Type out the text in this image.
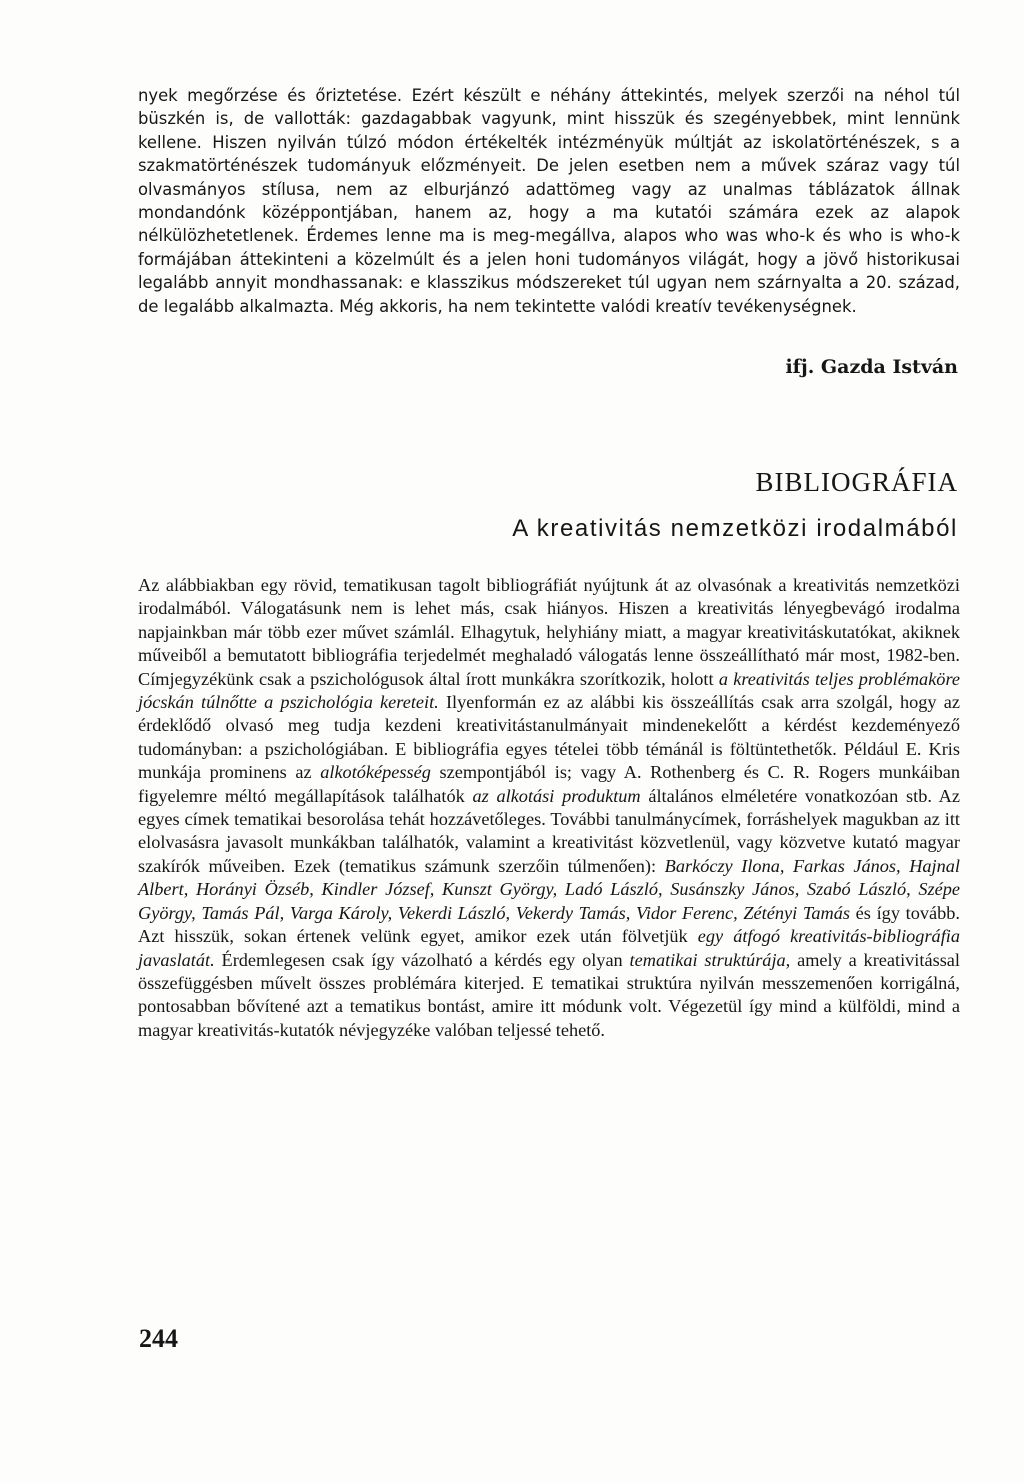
nyek megőrzése és őriztetése. Ezért készült e néhány áttekintés, melyek szerzői na néhol túl büszkén is, de vallották: gazdagabbak vagyunk, mint hisszük és szegényebbek, mint lennünk kellene. Hiszen nyilván túlzó módon értékelték intézményük múltját az iskolatörténészek, s a szakmatörténészek tudományuk előzményeit. De jelen esetben nem a művek száraz vagy túl olvasmányos stílusa, nem az elburjánzó adattömeg vagy az unalmas táblázatok állnak mondandónk középpontjában, hanem az, hogy a ma kutatói számára ezek az alapok nélkülözhetetlenek. Érdemes lenne ma is meg-megállva, alapos who was who-k és who is who-k formájában áttekinteni a közelmúlt és a jelen honi tudományos világát, hogy a jövő historikusai legalább annyit mondhassanak: e klasszikus módszereket túl ugyan nem szárnyalta a 20. század, de legalább alkalmazta. Még akkoris, ha nem tekintette valódi kreatív tevékenységnek.
ifj. Gazda István
BIBLIOGRÁFIA
A kreativitás nemzetközi irodalmából
Az alábbiakban egy rövid, tematikusan tagolt bibliográfiát nyújtunk át az olvasónak a kreativitás nemzetközi irodalmából. Válogatásunk nem is lehet más, csak hiányos. Hiszen a kreativitás lényegbevágó irodalma napjainkban már több ezer művet számlál. Elhagytuk, helyhiány miatt, a magyar kreativitáskutatókat, akiknek műveiből a bemutatott bibliográfia terjedelmét meghaladó válogatás lenne összeállítható már most, 1982-ben. Címjegyzékünk csak a pszichológusok által írott munkákra szorítkozik, holott a kreativitás teljes problémaköre jócskán túlnőtte a pszichológia kereteit. Ilyenformán ez az alábbi kis összeállítás csak arra szolgál, hogy az érdeklődő olvasó meg tudja kezdeni kreativitástanulmányait mindenekelőtt a kérdést kezdeményező tudományban: a pszichológiában. E bibliográfia egyes tételei több témánál is föltüntethetők. Például E. Kris munkája prominens az alkotóképesség szempontjából is; vagy A. Rothenberg és C. R. Rogers munkáiban figyelemre méltó megállapítások találhatók az alkotási produktum általános elméletére vonatkozóan stb. Az egyes címek tematikai besorolása tehát hozzávetőleges. További tanulmánycímek, forráshelyek magukban az itt elolvasásra javasolt munkákban találhatók, valamint a kreativitást közvetlenül, vagy közvetve kutató magyar szakírók műveiben. Ezek (tematikus számunk szerzőin túlmenően): Barkóczy Ilona, Farkas János, Hajnal Albert, Horányi Özséb, Kindler József, Kunszt György, Ladó László, Susánszky János, Szabó László, Szépe György, Tamás Pál, Varga Károly, Vekerdi László, Vekerdy Tamás, Vidor Ferenc, Zétényi Tamás és így tovább. Azt hisszük, sokan értenek velünk egyet, amikor ezek után fölvetjük egy átfogó kreativitás-bibliográfia javaslatát. Érdemlegesen csak így vázolható a kérdés egy olyan tematikai struktúrája, amely a kreativitással összefüggésben művelt összes problémára kiterjed. E tematikai struktúra nyilván messzemenően korrigálná, pontosabban bővítené azt a tematikus bontást, amire itt módunk volt. Végezetül így mind a külföldi, mind a magyar kreativitás-kutatók névjegyzéke valóban teljessé tehető.
244
